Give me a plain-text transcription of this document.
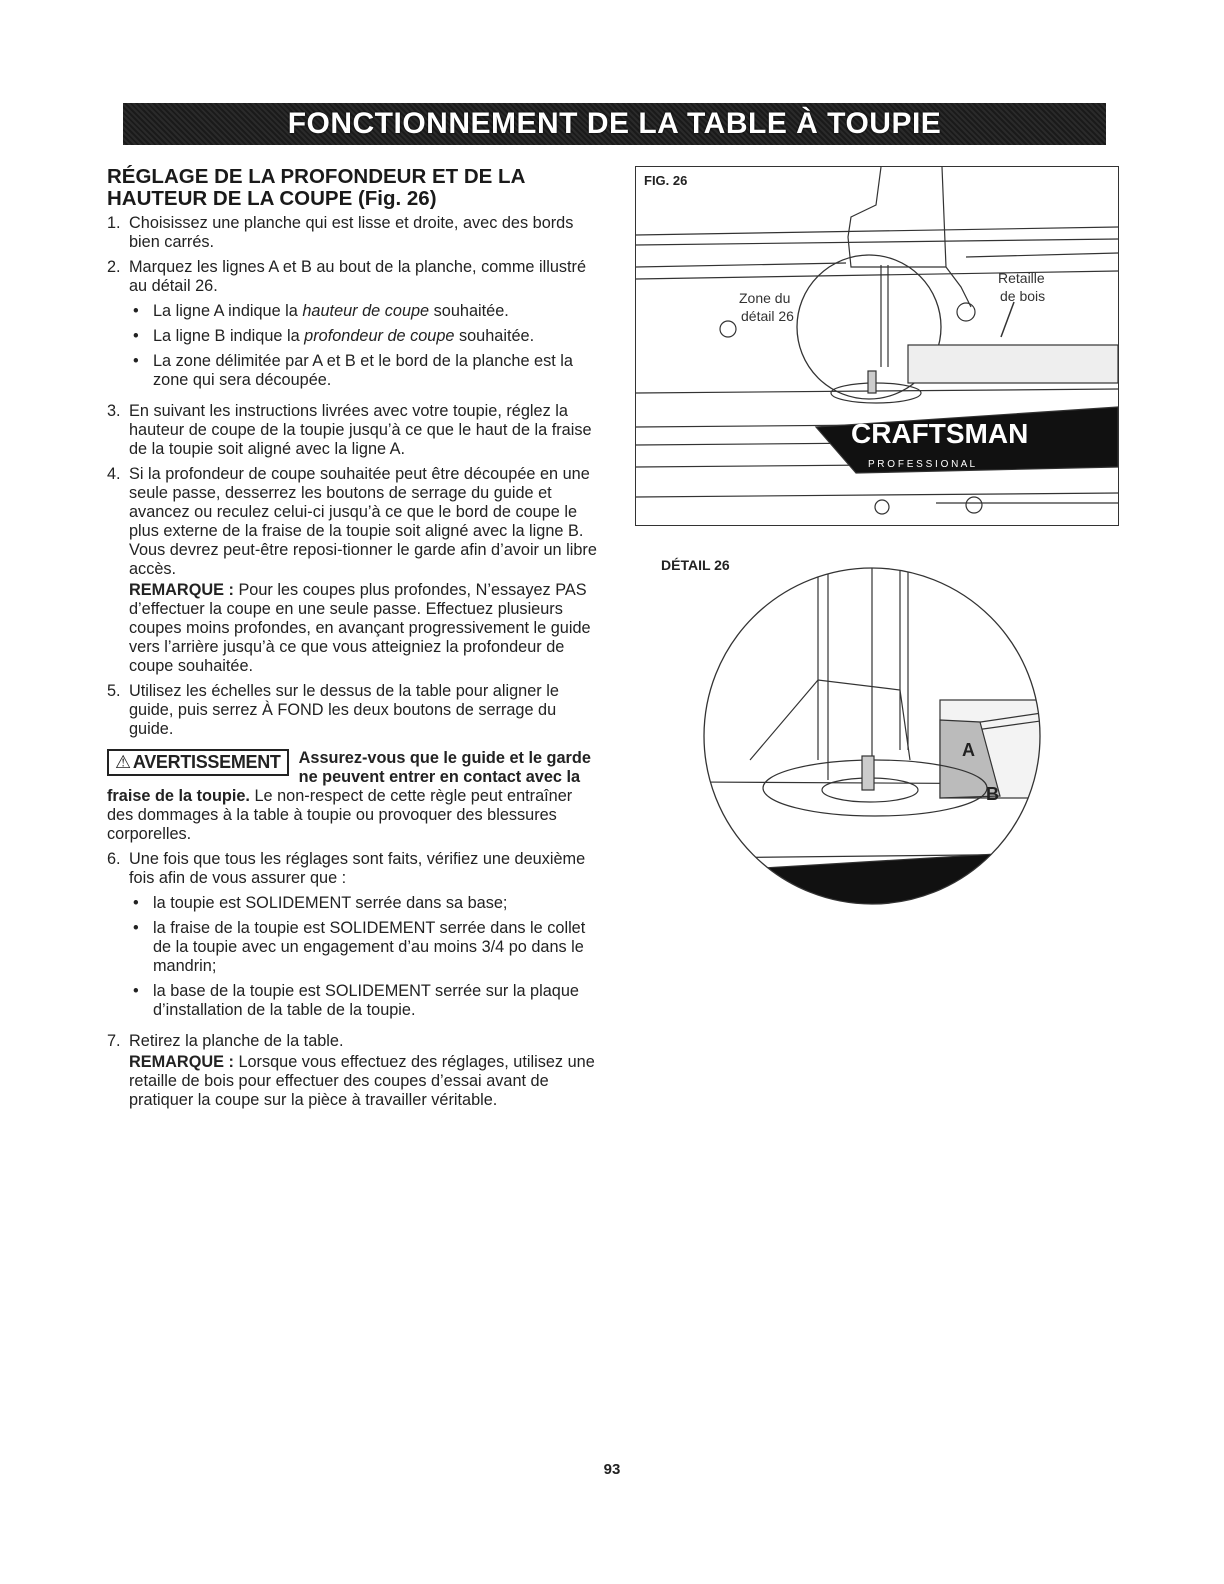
FONCTIONNEMENT DE LA TABLE À TOUPIE
RÉGLAGE DE LA PROFONDEUR ET DE LA HAUTEUR DE LA COUPE (Fig. 26)
1. Choisissez une planche qui est lisse et droite, avec des bords bien carrés.
2. Marquez les lignes A et B au bout de la planche, comme illustré au détail 26.
• La ligne A indique la hauteur de coupe souhaitée.
• La ligne B indique la profondeur de coupe souhaitée.
• La zone délimitée par A et B et le bord de la planche est la zone qui sera découpée.
3. En suivant les instructions livrées avec votre toupie, réglez la hauteur de coupe de la toupie jusqu’à ce que le haut de la fraise de la toupie soit aligné avec la ligne A.
4. Si la profondeur de coupe souhaitée peut être découpée en une seule passe, desserrez les boutons de serrage du guide et avancez ou reculez celui-ci jusqu’à ce que le bord de coupe le plus externe de la fraise de la toupie soit aligné avec la ligne B. Vous devrez peut-être reposi-tionner le garde afin d’avoir un libre accès.
REMARQUE : Pour les coupes plus profondes, N’essayez PAS d’effectuer la coupe en une seule passe. Effectuez plusieurs coupes moins profondes, en avançant progressivement le guide vers l’arrière jusqu’à ce que vous atteigniez la profondeur de coupe souhaitée.
5. Utilisez les échelles sur le dessus de la table pour aligner le guide, puis serrez À FOND les deux boutons de serrage du guide.
⚠ AVERTISSEMENT Assurez-vous que le guide et le garde ne peuvent entrer en contact avec la fraise de la toupie. Le non-respect de cette règle peut entraîner des dommages à la table à toupie ou provoquer des blessures corporelles.
6. Une fois que tous les réglages sont faits, vérifiez une deuxième fois afin de vous assurer que :
• la toupie est SOLIDEMENT serrée dans sa base;
• la fraise de la toupie est SOLIDEMENT serrée dans le collet de la toupie avec un engagement d’au moins 3/4 po dans le mandrin;
• la base de la toupie est SOLIDEMENT serrée sur la plaque d’installation de la table de la toupie.
7. Retirez la planche de la table.
REMARQUE : Lorsque vous effectuez des réglages, utilisez une retaille de bois pour effectuer des coupes d’essai avant de pratiquer la coupe sur la pièce à travailler véritable.
FIG. 26
CRAFTSMAN
P R O F E S S I O N A L
Zone du
détail 26
Retaille
de bois
DÉTAIL 26
A
B
93
